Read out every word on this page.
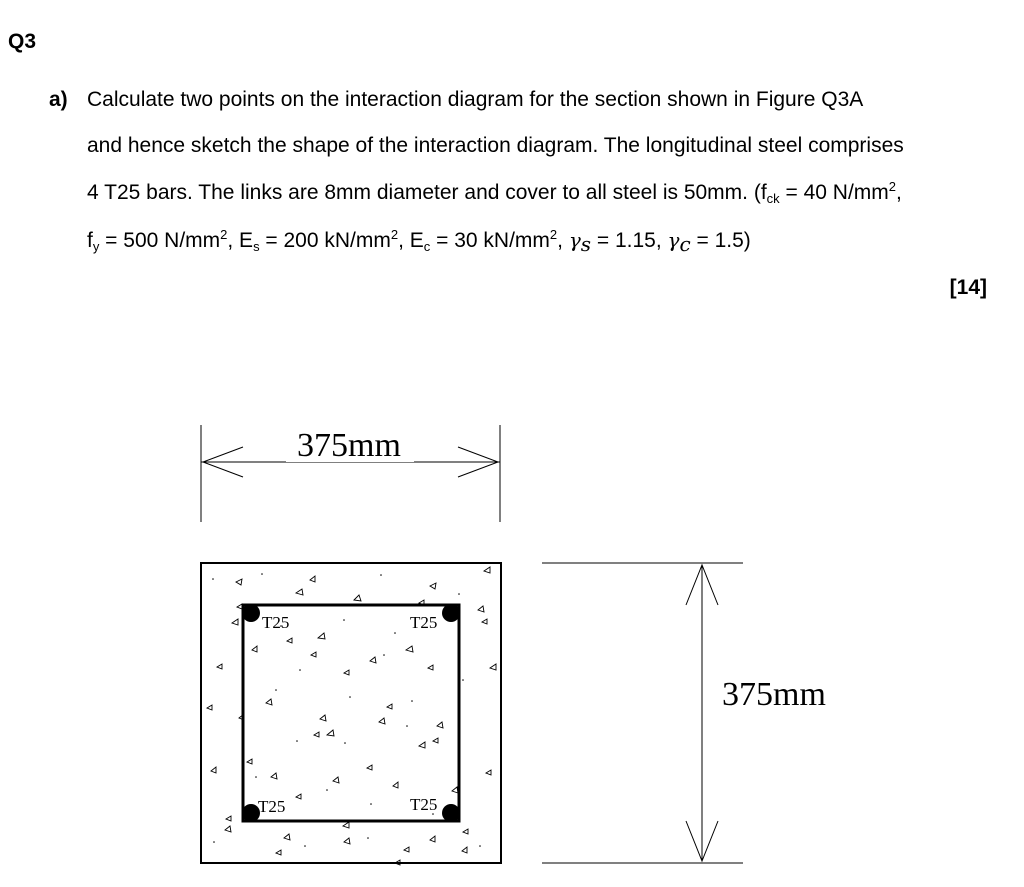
Q3
a) Calculate two points on the interaction diagram for the section shown in Figure Q3A
and hence sketch the shape of the interaction diagram. The longitudinal steel comprises
4 T25 bars. The links are 8mm diameter and cover to all steel is 50mm. ($f_{ck} = 40$ $N/mm^2$,
$f_y = 500$ $N/mm^2$, $E_s = 200$ $kN/mm^2$, $E_c = 30$ $kN/mm^2$, $\gamma_s = 1.15$, $\gamma_c = 1.5$)
[14]
375mm
375mm
T25	T25
T25	T25
